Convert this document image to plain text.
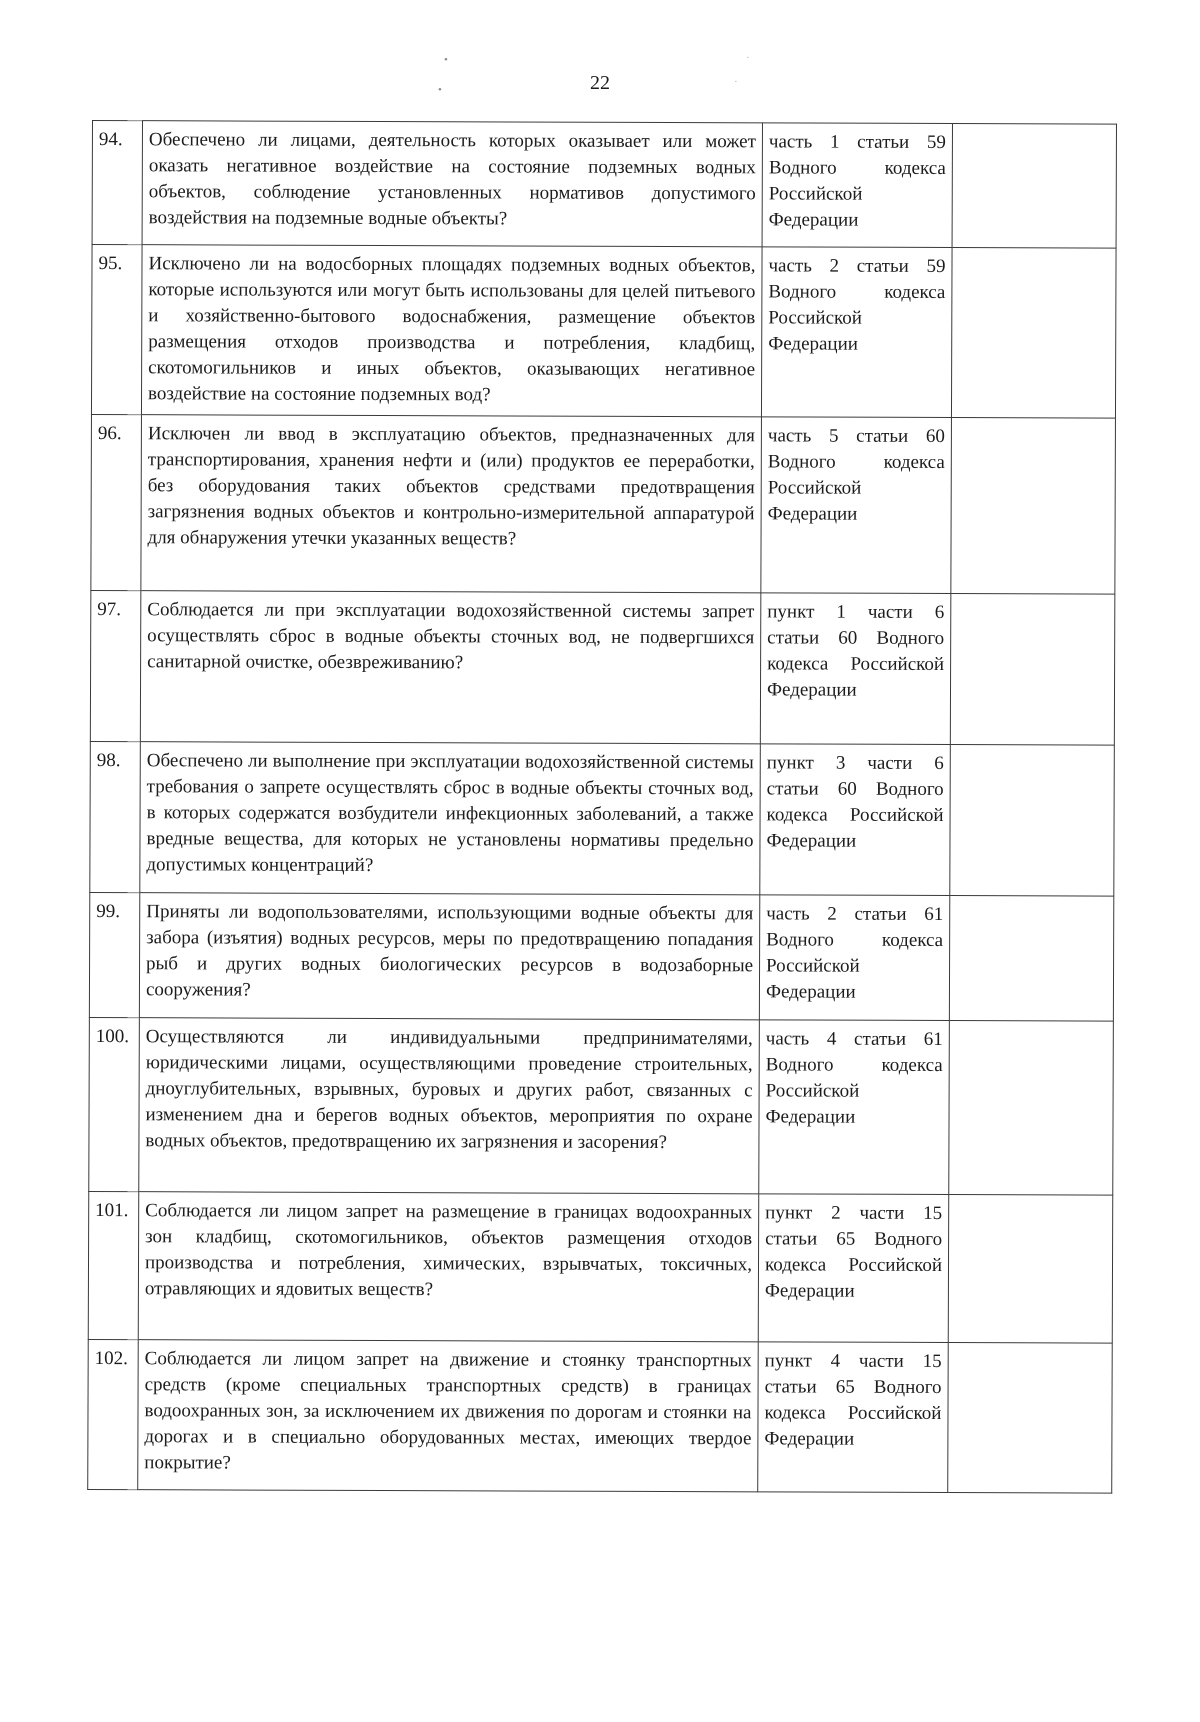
•
•
·
·
22
94.	Обеспечено ли лицами, деятельность которых оказывает или может оказать негативное воздействие на состояние подземных водных объектов, соблюдение установленных нормативов допустимого воздействия на подземные водные объекты?	часть 1 статьи 59 Водного кодекса Российской Федерации	
95.	Исключено ли на водосборных площадях подземных водных объектов, которые используются или могут быть использованы для целей питьевого и хозяйственно-бытового водоснабжения, размещение объектов размещения отходов производства и потребления, кладбищ, скотомогильников и иных объектов, оказывающих негативное воздействие на состояние подземных вод?	часть 2 статьи 59 Водного кодекса Российской Федерации	
96.	Исключен ли ввод в эксплуатацию объектов, предназначенных для транспортирования, хранения нефти и (или) продуктов ее переработки, без оборудования таких объектов средствами предотвращения загрязнения водных объектов и контрольно-измерительной аппаратурой для обнаружения утечки указанных веществ?	часть 5 статьи 60 Водного кодекса Российской Федерации	
97.	Соблюдается ли при эксплуатации водохозяйственной системы запрет осуществлять сброс в водные объекты сточных вод, не подвергшихся санитарной очистке, обезвреживанию?	пункт 1 части 6 статьи 60 Водного кодекса Российской Федерации	
98.	Обеспечено ли выполнение при эксплуатации водохозяйственной системы требования о запрете осуществлять сброс в водные объекты сточных вод, в которых содержатся возбудители инфекционных заболеваний, а также вредные вещества, для которых не установлены нормативы предельно допустимых концентраций?	пункт 3 части 6 статьи 60 Водного кодекса Российской Федерации	
99.	Приняты ли водопользователями, использующими водные объекты для забора (изъятия) водных ресурсов, меры по предотвращению попадания рыб и других водных биологических ресурсов в водозаборные сооружения?	часть 2 статьи 61 Водного кодекса Российской Федерации	
100.	Осуществляются ли индивидуальными предпринимателями, юридическими лицами, осуществляющими проведение строительных, дноуглубительных, взрывных, буровых и других работ, связанных с изменением дна и берегов водных объектов, мероприятия по охране водных объектов, предотвращению их загрязнения и засорения?	часть 4 статьи 61 Водного кодекса Российской Федерации	
101.	Соблюдается ли лицом запрет на размещение в границах водоохранных зон кладбищ, скотомогильников, объектов размещения отходов производства и потребления, химических, взрывчатых, токсичных, отравляющих и ядовитых веществ?	пункт 2 части 15 статьи 65 Водного кодекса Российской Федерации	
102.	Соблюдается ли лицом запрет на движение и стоянку транспортных средств (кроме специальных транспортных средств) в границах водоохранных зон, за исключением их движения по дорогам и стоянки на дорогах и в специально оборудованных местах, имеющих твердое покрытие?	пункт 4 части 15 статьи 65 Водного кодекса Российской Федерации	
